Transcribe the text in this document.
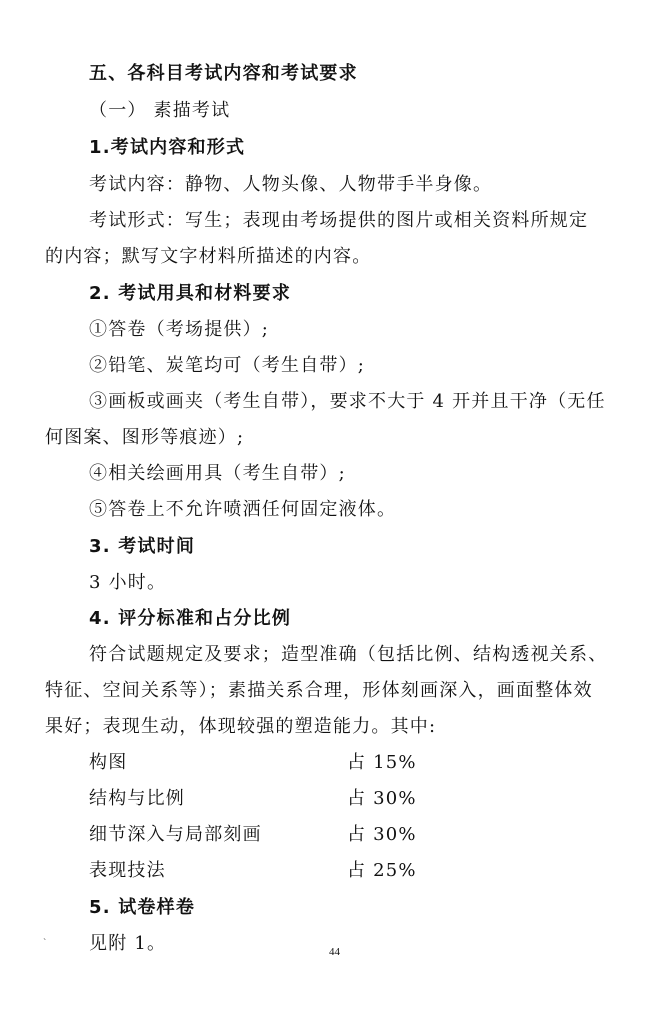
五、各科目考试内容和考试要求
（一） 素描考试
1.考试内容和形式
考试内容：静物、人物头像、人物带手半身像。
考试形式：写生；表现由考场提供的图片或相关资料所规定
的内容；默写文字材料所描述的内容。
2. 考试用具和材料要求
①答卷（考场提供）;
②铅笔、炭笔均可（考生自带）;
③画板或画夹（考生自带），要求不大于 4 开并且干净（无任
何图案、图形等痕迹）;
④相关绘画用具（考生自带）;
⑤答卷上不允许喷洒任何固定液体。
3. 考试时间
3 小时。
4. 评分标准和占分比例
符合试题规定及要求；造型准确（包括比例、结构透视关系、
特征、空间关系等）；素描关系合理，形体刻画深入，画面整体效
果好；表现生动，体现较强的塑造能力。其中:
构图	占 15%
结构与比例	占 30%
细节深入与局部刻画	占 30%
表现技法	占 25%
5. 试卷样卷
见附 1。
`
44
